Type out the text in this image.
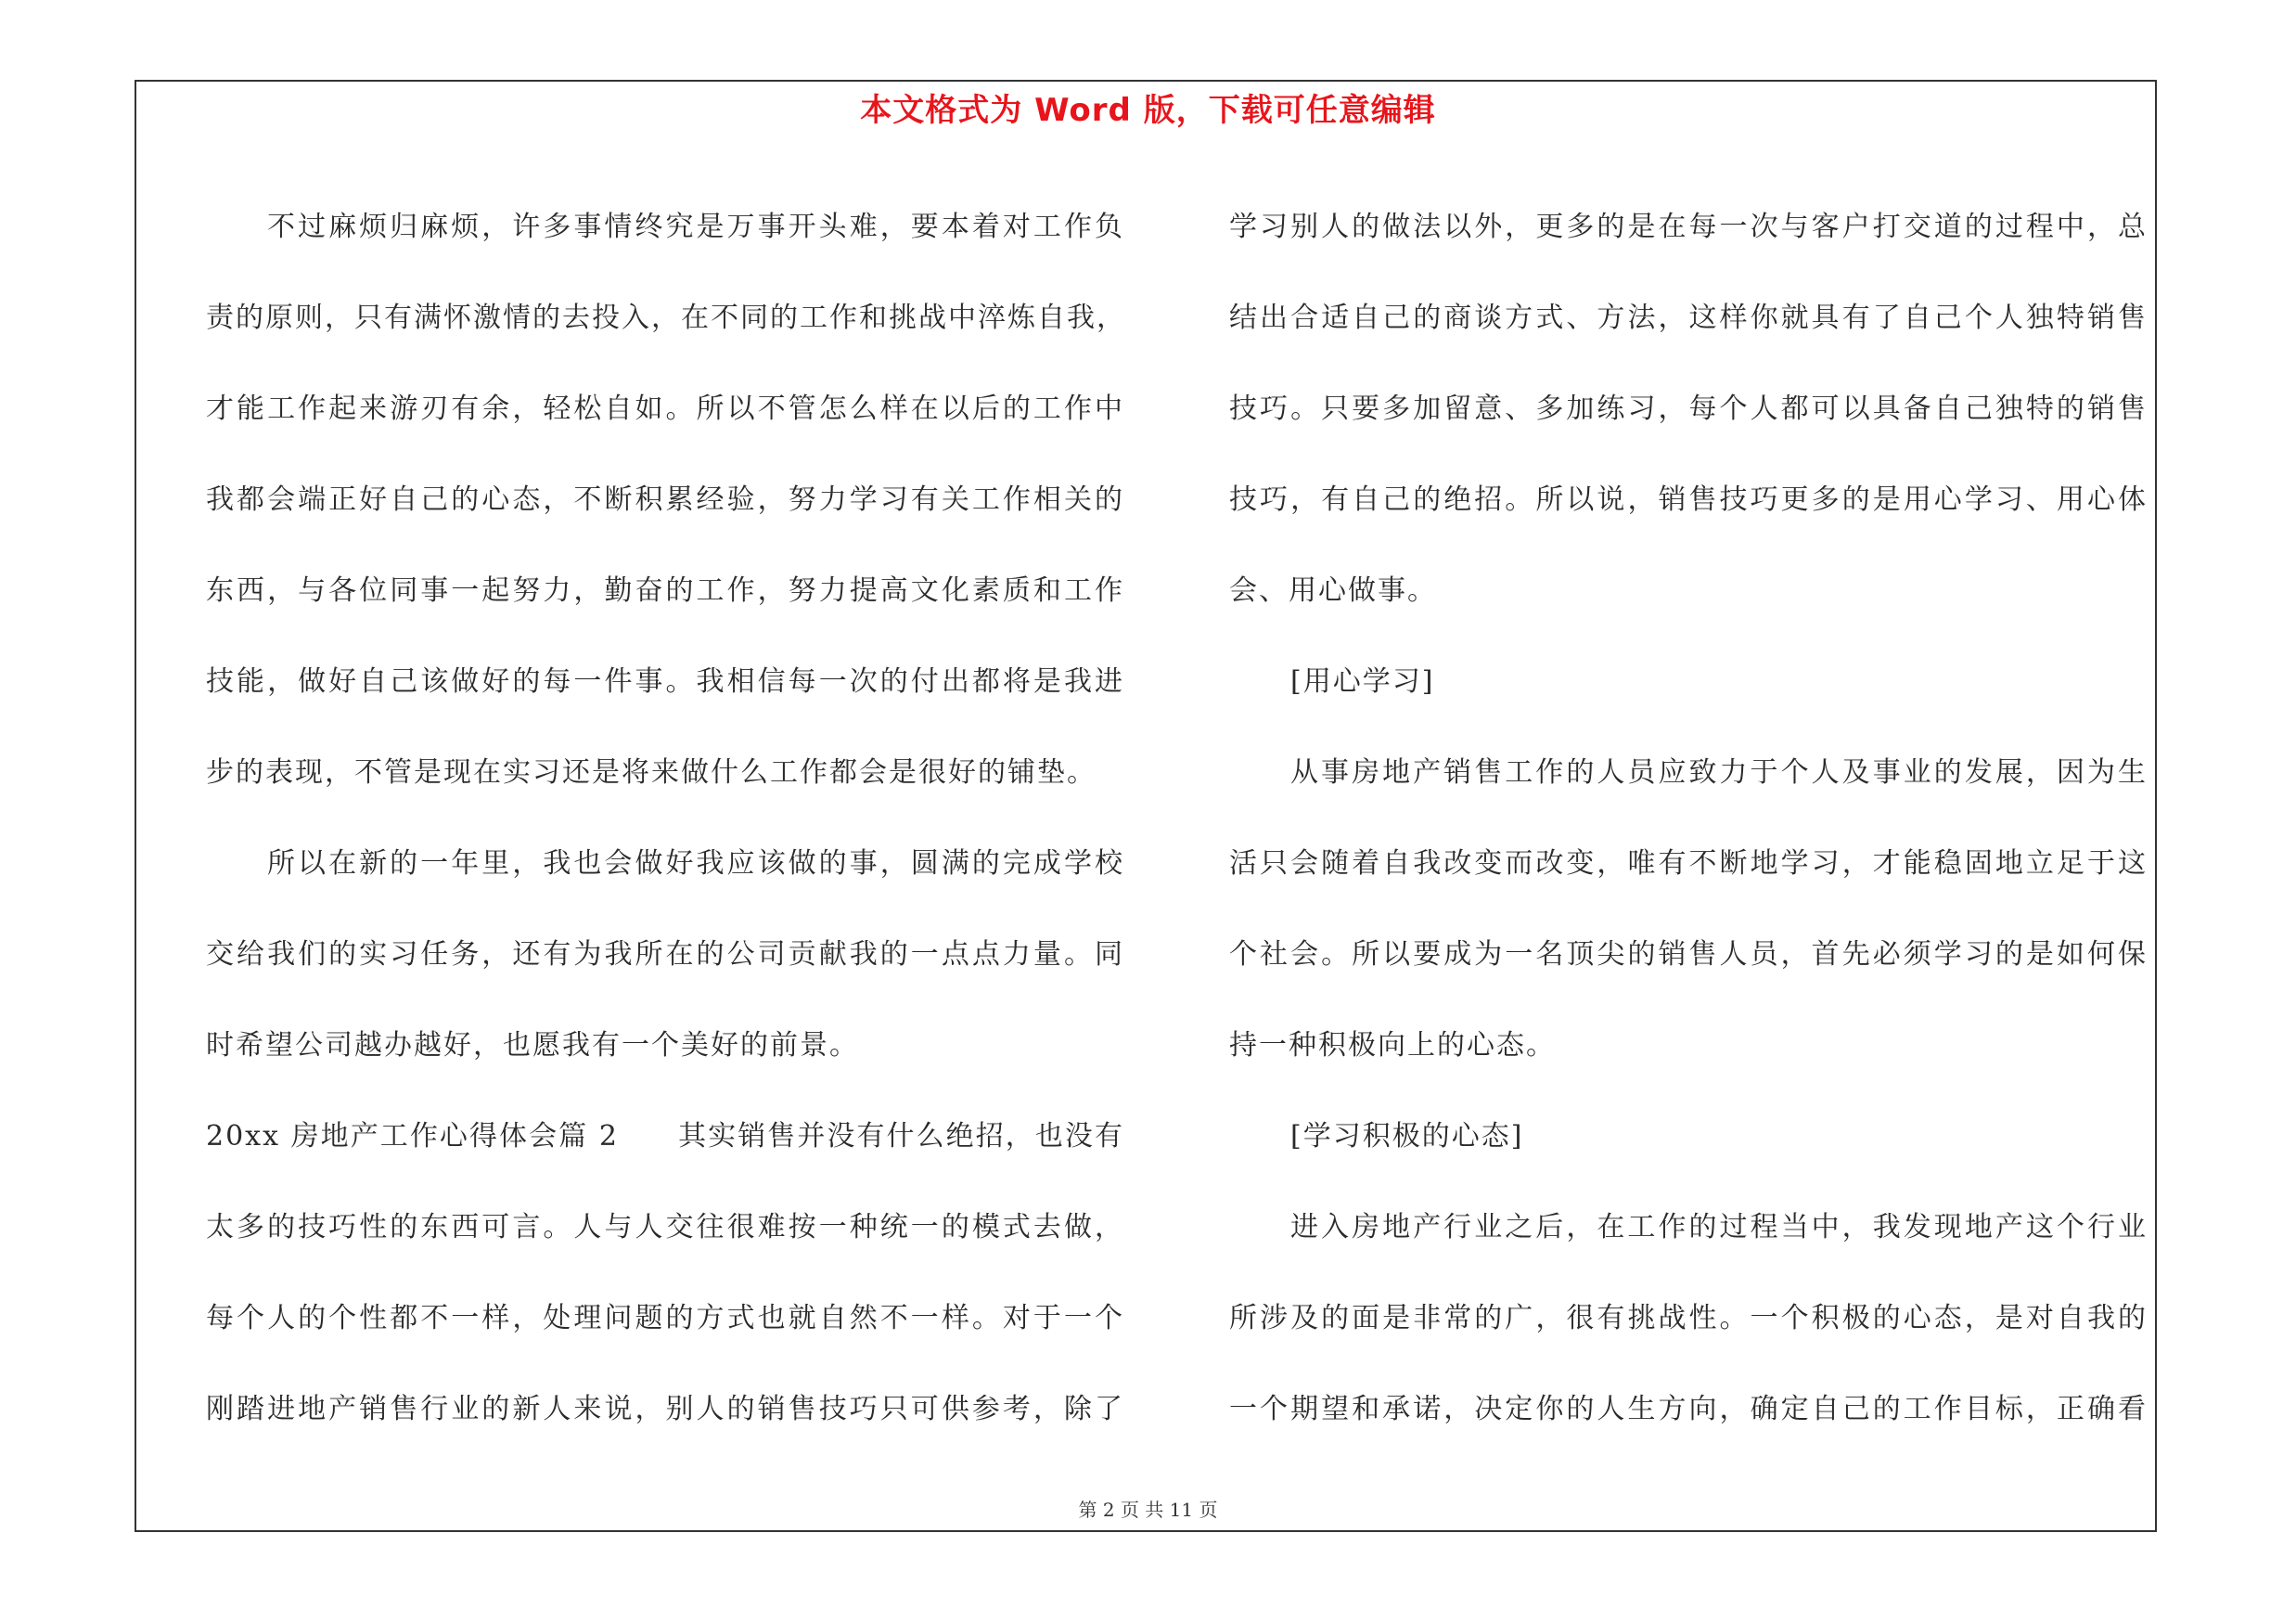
本文格式为 Word 版，下载可任意编辑
不过麻烦归麻烦，许多事情终究是万事开头难，要本着对工作负
责的原则，只有满怀激情的去投入，在不同的工作和挑战中淬炼自我，
才能工作起来游刃有余，轻松自如。所以不管怎么样在以后的工作中
我都会端正好自己的心态，不断积累经验，努力学习有关工作相关的
东西，与各位同事一起努力，勤奋的工作，努力提高文化素质和工作
技能，做好自己该做好的每一件事。我相信每一次的付出都将是我进
步的表现，不管是现在实习还是将来做什么工作都会是很好的铺垫。
所以在新的一年里，我也会做好我应该做的事，圆满的完成学校
交给我们的实习任务，还有为我所在的公司贡献我的一点点力量。同
时希望公司越办越好，也愿我有一个美好的前景。
20xx 房地产工作心得体会篇 2　　其实销售并没有什么绝招，也没有
太多的技巧性的东西可言。人与人交往很难按一种统一的模式去做，
每个人的个性都不一样，处理问题的方式也就自然不一样。对于一个
刚踏进地产销售行业的新人来说，别人的销售技巧只可供参考，除了
学习别人的做法以外，更多的是在每一次与客户打交道的过程中，总
结出合适自己的商谈方式、方法，这样你就具有了自己个人独特销售
技巧。只要多加留意、多加练习，每个人都可以具备自己独特的销售
技巧，有自己的绝招。所以说，销售技巧更多的是用心学习、用心体
会、用心做事。
[用心学习]
从事房地产销售工作的人员应致力于个人及事业的发展，因为生
活只会随着自我改变而改变，唯有不断地学习，才能稳固地立足于这
个社会。所以要成为一名顶尖的销售人员，首先必须学习的是如何保
持一种积极向上的心态。
[学习积极的心态]
进入房地产行业之后，在工作的过程当中，我发现地产这个行业
所涉及的面是非常的广，很有挑战性。一个积极的心态，是对自我的
一个期望和承诺，决定你的人生方向，确定自己的工作目标，正确看
第 2 页 共 11 页
